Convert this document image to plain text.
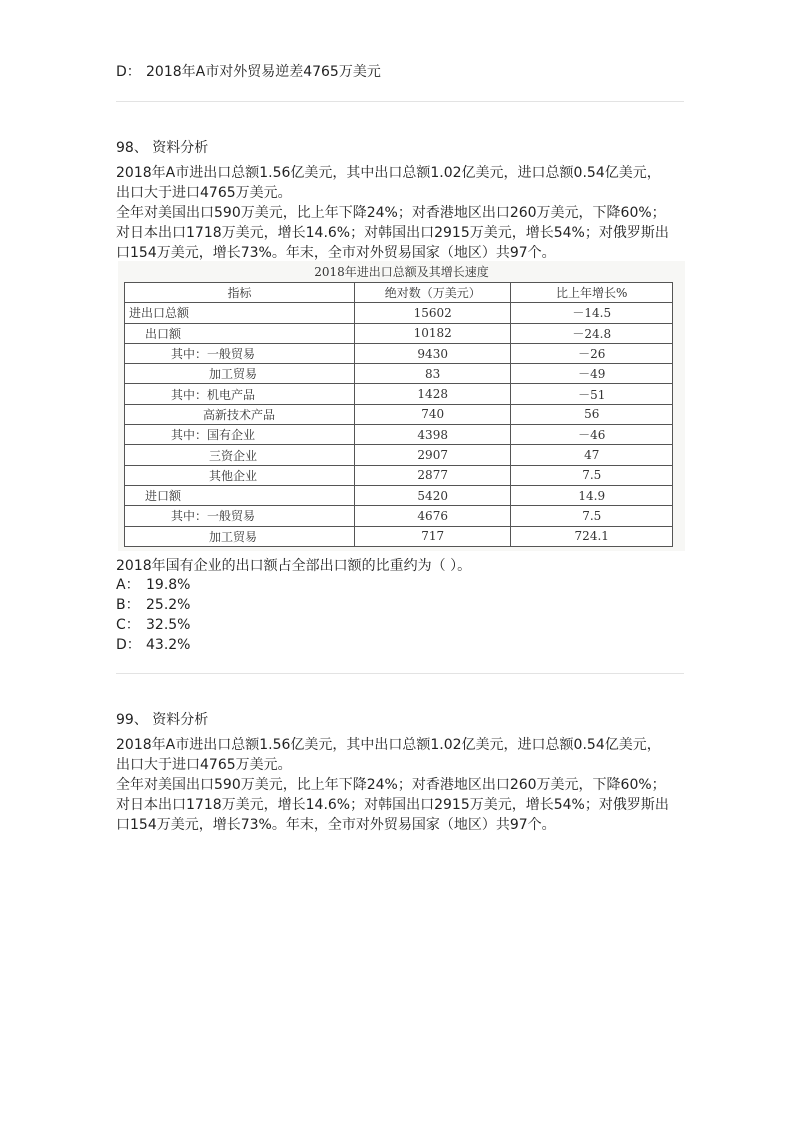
D： 2018年A市对外贸易逆差4765万美元
98、 资料分析
2018年A市进出口总额1.56亿美元，其中出口总额1.02亿美元，进口总额0.54亿美元，
出口大于进口4765万美元。
全年对美国出口590万美元，比上年下降24%；对香港地区出口260万美元，下降60%；
对日本出口1718万美元，增长14.6%；对韩国出口2915万美元，增长54%；对俄罗斯出
口154万美元，增长73%。年末，全市对外贸易国家（地区）共97个。
2018年进出口总额及其增长速度
指标	绝对数（万美元）	比上年增长%
进出口总额	15602	－14.5
出口额	10182	－24.8
其中：一般贸易	9430	－26
加工贸易	83	－49
其中：机电产品	1428	－51
高新技术产品	740	56
其中：国有企业	4398	－46
三资企业	2907	47
其他企业	2877	7.5
进口额	5420	14.9
其中：一般贸易	4676	7.5
加工贸易	717	724.1
2018年国有企业的出口额占全部出口额的比重约为（ ）。
A： 19.8%
B： 25.2%
C： 32.5%
D： 43.2%
99、 资料分析
2018年A市进出口总额1.56亿美元，其中出口总额1.02亿美元，进口总额0.54亿美元，
出口大于进口4765万美元。
全年对美国出口590万美元，比上年下降24%；对香港地区出口260万美元，下降60%；
对日本出口1718万美元，增长14.6%；对韩国出口2915万美元，增长54%；对俄罗斯出
口154万美元，增长73%。年末，全市对外贸易国家（地区）共97个。
